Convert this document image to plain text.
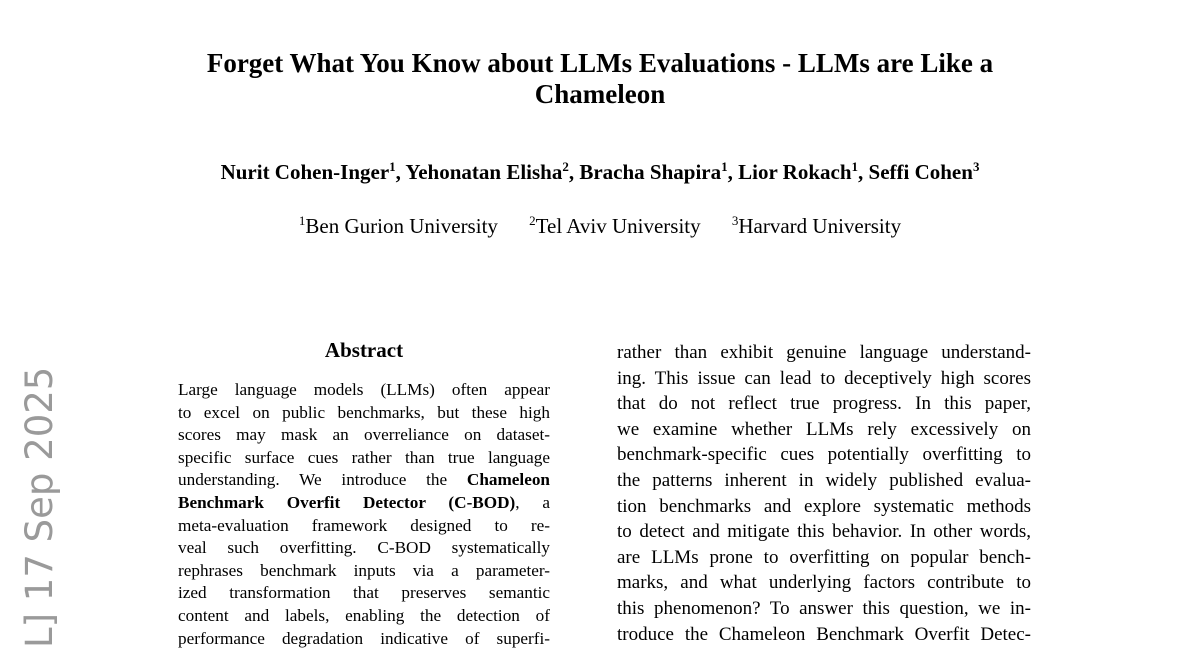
L] 17 Sep 2025
Forget What You Know about LLMs Evaluations - LLMs are Like a
Chameleon
Nurit Cohen-Inger$^1$, Yehonatan Elisha$^2$, Bracha Shapira$^1$, Lior Rokach$^1$, Seffi Cohen$^3$
$^1$Ben Gurion University $^2$Tel Aviv University $^3$Harvard University
Abstract
Large language models (LLMs) often appear
to excel on public benchmarks, but these high
scores may mask an overreliance on dataset-
specific surface cues rather than true language
understanding. We introduce the Chameleon
Benchmark Overfit Detector (C-BOD), a
meta-evaluation framework designed to re-
veal such overfitting. C-BOD systematically
rephrases benchmark inputs via a parameter-
ized transformation that preserves semantic
content and labels, enabling the detection of
performance degradation indicative of superfi-
rather than exhibit genuine language understand-
ing. This issue can lead to deceptively high scores
that do not reflect true progress. In this paper,
we examine whether LLMs rely excessively on
benchmark-specific cues potentially overfitting to
the patterns inherent in widely published evalua-
tion benchmarks and explore systematic methods
to detect and mitigate this behavior. In other words,
are LLMs prone to overfitting on popular bench-
marks, and what underlying factors contribute to
this phenomenon? To answer this question, we in-
troduce the Chameleon Benchmark Overfit Detec-
